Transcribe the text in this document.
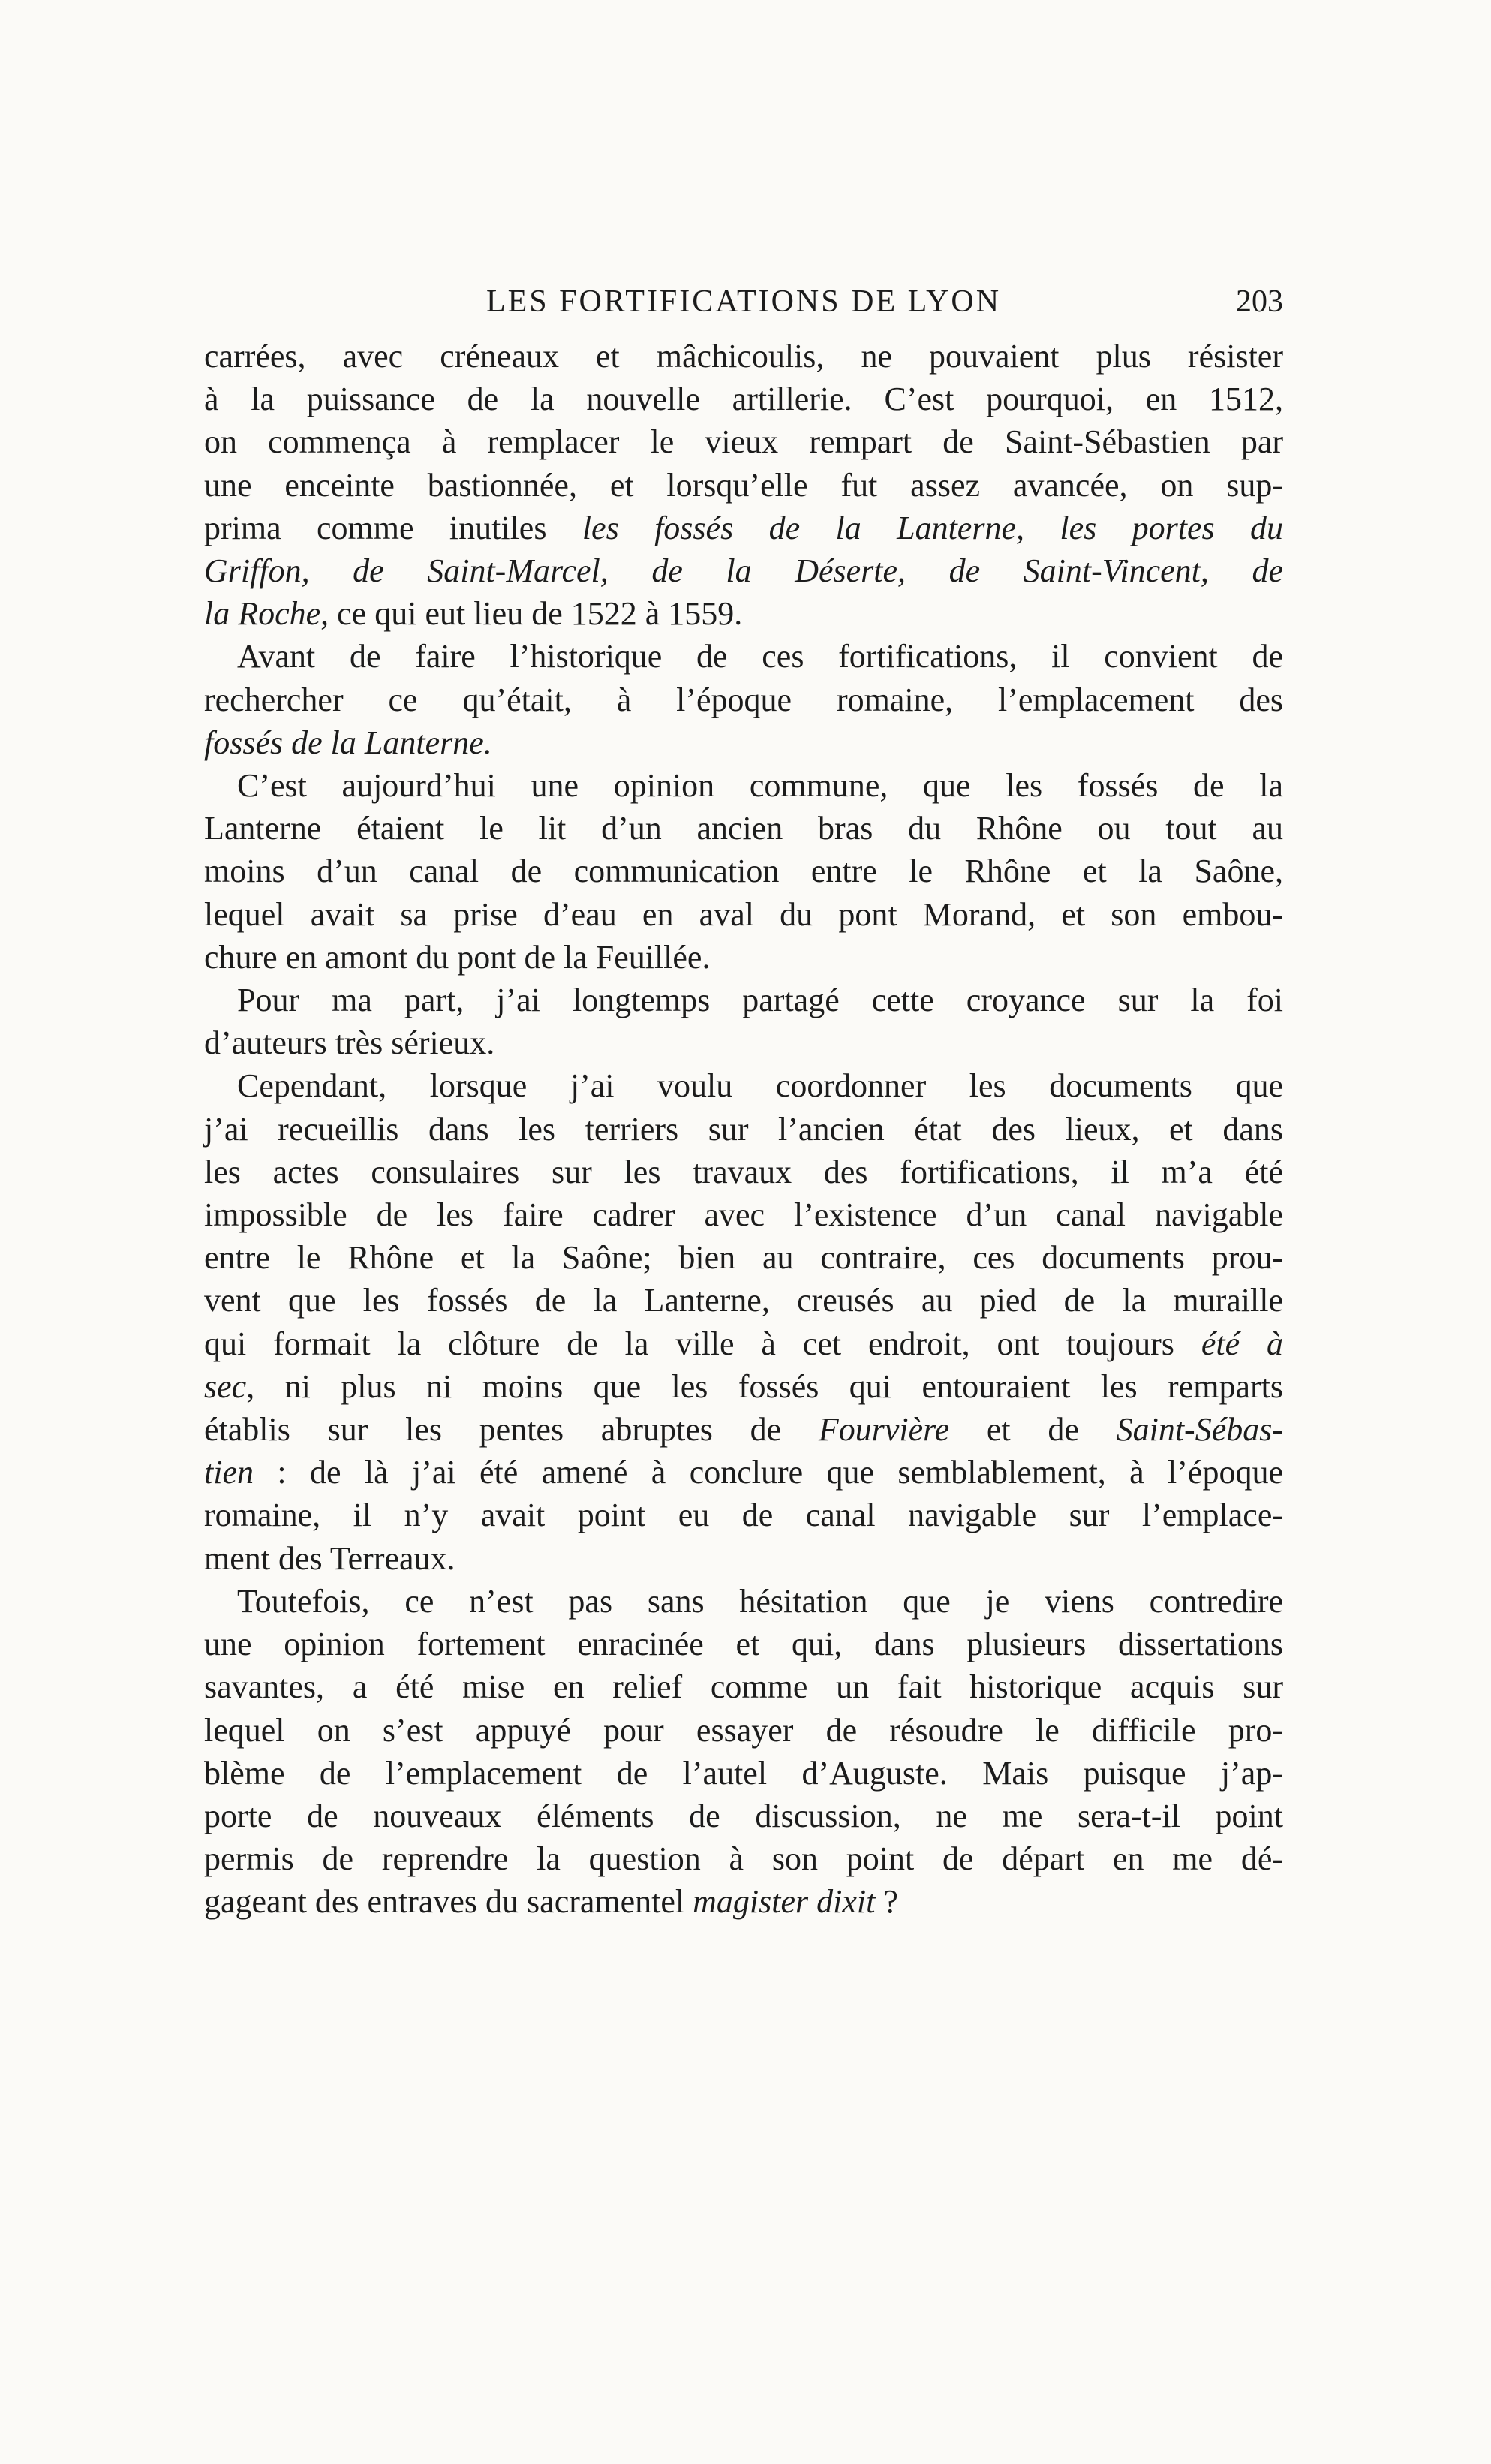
LES FORTIFICATIONS DE LYON	203
carrées, avec créneaux et mâchicoulis, ne pouvaient plus résister
à la puissance de la nouvelle artillerie. C’est pourquoi, en 1512,
on commença à remplacer le vieux rempart de Saint-Sébastien par
une enceinte bastionnée, et lorsqu’elle fut assez avancée, on sup-
prima comme inutiles les fossés de la Lanterne, les portes du
Griffon, de Saint-Marcel, de la Déserte, de Saint-Vincent, de
la Roche, ce qui eut lieu de 1522 à 1559.
Avant de faire l’historique de ces fortifications, il convient de
rechercher ce qu’était, à l’époque romaine, l’emplacement des
fossés de la Lanterne.
C’est aujourd’hui une opinion commune, que les fossés de la
Lanterne étaient le lit d’un ancien bras du Rhône ou tout au
moins d’un canal de communication entre le Rhône et la Saône,
lequel avait sa prise d’eau en aval du pont Morand, et son embou-
chure en amont du pont de la Feuillée.
Pour ma part, j’ai longtemps partagé cette croyance sur la foi
d’auteurs très sérieux.
Cependant, lorsque j’ai voulu coordonner les documents que
j’ai recueillis dans les terriers sur l’ancien état des lieux, et dans
les actes consulaires sur les travaux des fortifications, il m’a été
impossible de les faire cadrer avec l’existence d’un canal navigable
entre le Rhône et la Saône; bien au contraire, ces documents prou-
vent que les fossés de la Lanterne, creusés au pied de la muraille
qui formait la clôture de la ville à cet endroit, ont toujours été à
sec, ni plus ni moins que les fossés qui entouraient les remparts
établis sur les pentes abruptes de Fourvière et de Saint-Sébas-
tien : de là j’ai été amené à conclure que semblablement, à l’époque
romaine, il n’y avait point eu de canal navigable sur l’emplace-
ment des Terreaux.
Toutefois, ce n’est pas sans hésitation que je viens contredire
une opinion fortement enracinée et qui, dans plusieurs dissertations
savantes, a été mise en relief comme un fait historique acquis sur
lequel on s’est appuyé pour essayer de résoudre le difficile pro-
blème de l’emplacement de l’autel d’Auguste. Mais puisque j’ap-
porte de nouveaux éléments de discussion, ne me sera-t-il point
permis de reprendre la question à son point de départ en me dé-
gageant des entraves du sacramentel magister dixit ?
